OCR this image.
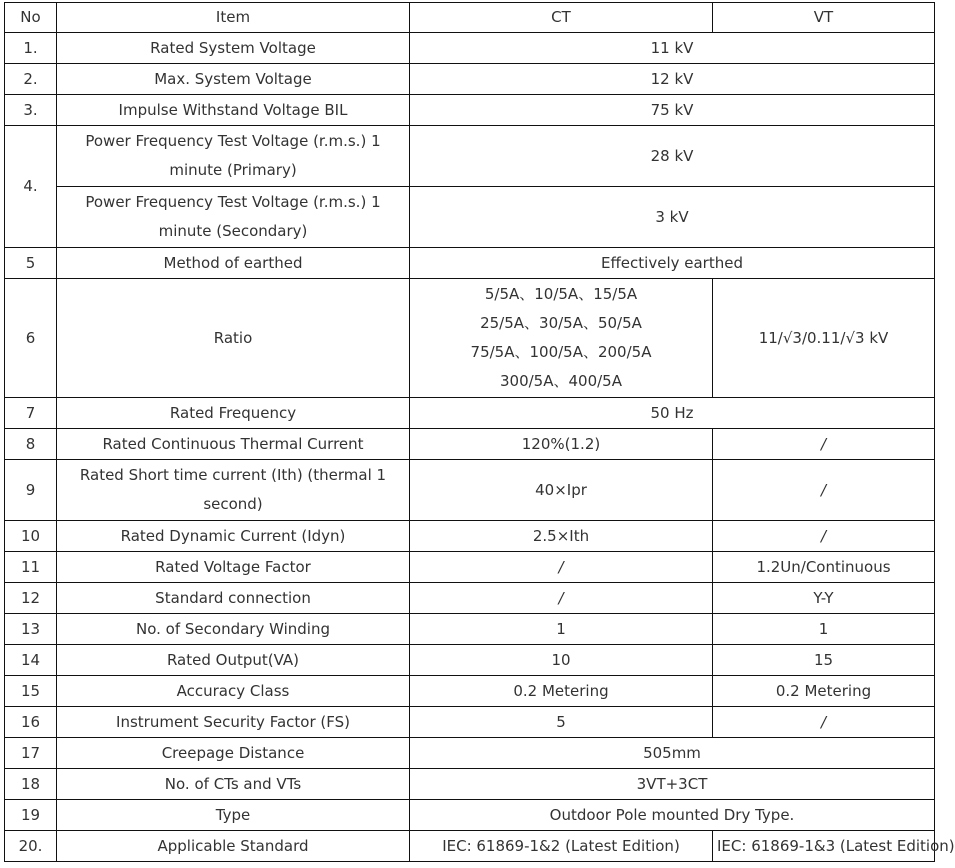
No	Item	CT	VT
1.	Rated System Voltage	11 kV	
2.	Max. System Voltage	12 kV	
3.	Impulse Withstand Voltage BIL	75 kV	
4.	Power Frequency Test Voltage (r.m.s.) 1 minute (Primary)	28 kV	
	Power Frequency Test Voltage (r.m.s.) 1 minute (Secondary)	3 kV	
5	Method of earthed	Effectively earthed	
6	Ratio	5/5A、10/5A、15/5A
25/5A、30/5A、50/5A
75/5A、100/5A、200/5A
300/5A、400/5A	11/√3/0.11/√3 kV
7	Rated Frequency	50 Hz	
8	Rated Continuous Thermal Current	120%(1.2)	/
9	Rated Short time current (Ith) (thermal 1 second)	40×Ipr	/
10	Rated Dynamic Current (Idyn)	2.5×Ith	/
11	Rated Voltage Factor	/	1.2Un/Continuous
12	Standard connection	/	Y-Y
13	No. of Secondary Winding	1	1
14	Rated Output(VA)	10	15
15	Accuracy Class	0.2 Metering	0.2 Metering
16	Instrument Security Factor (FS)	5	/
17	Creepage Distance	505mm	
18	No. of CTs and VTs	3VT+3CT	
19	Type	Outdoor Pole mounted Dry Type.	
20.	Applicable Standard	IEC: 61869-1&2 (Latest Edition)	IEC: 61869-1&3 (Latest Edition)
